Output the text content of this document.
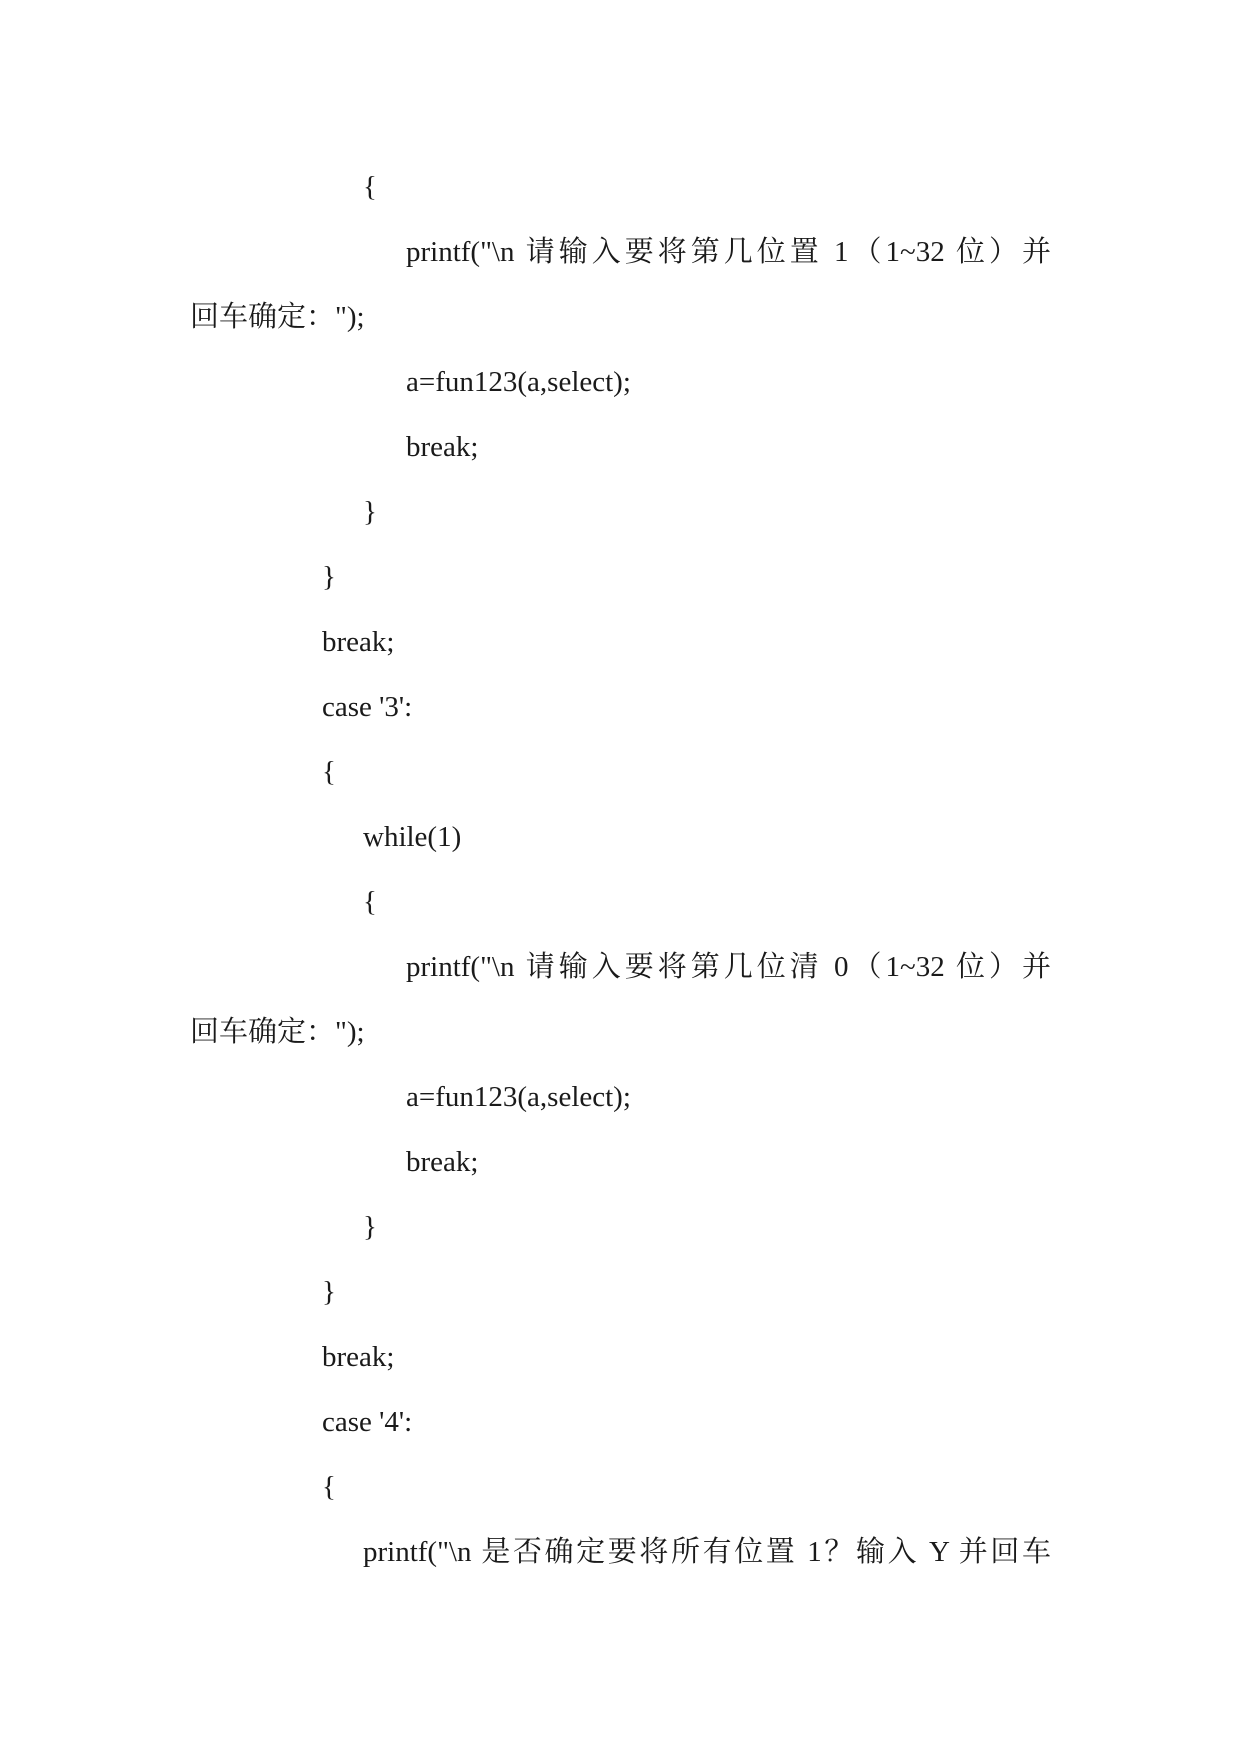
{
printf("\n 请输入要将第几位置 1（1~32 位）并
回车确定：");
a=fun123(a,select);
break;
}
}
break;
case '3':
{
while(1)
{
printf("\n 请输入要将第几位清 0（1~32 位）并
回车确定：");
a=fun123(a,select);
break;
}
}
break;
case '4':
{
printf("\n 是否确定要将所有位置 1？输入 Y 并回车
